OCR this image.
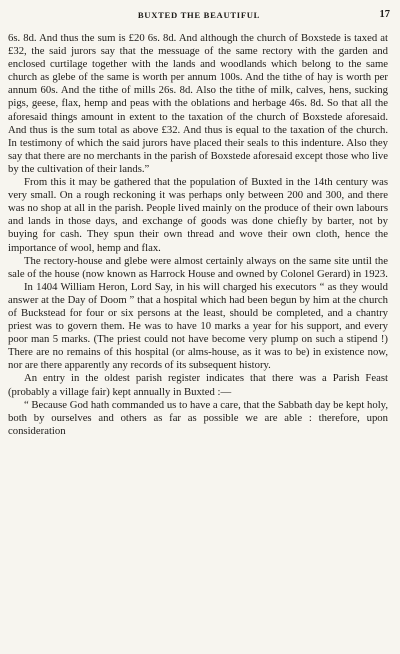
BUXTED THE BEAUTIFUL	17

6s. 8d. And thus the sum is £20 6s. 8d. And although the church of Boxstede is taxed at £32, the said jurors say that the messuage of the same rectory with the garden and enclosed curtilage together with the lands and woodlands which belong to the same church as glebe of the same is worth per annum 100s. And the tithe of hay is worth per annum 60s. And the tithe of mills 26s. 8d. Also the tithe of milk, calves, hens, sucking pigs, geese, flax, hemp and peas with the oblations and herbage 46s. 8d. So that all the aforesaid things amount in extent to the taxation of the church of Boxstede aforesaid. And thus is the sum total as above £32. And thus is equal to the taxation of the church. In testimony of which the said jurors have placed their seals to this indenture. Also they say that there are no merchants in the parish of Boxstede aforesaid except those who live by the cultivation of their lands.”

From this it may be gathered that the population of Buxted in the 14th century was very small. On a rough reckoning it was perhaps only between 200 and 300, and there was no shop at all in the parish. People lived mainly on the produce of their own labours and lands in those days, and exchange of goods was done chiefly by barter, not by buying for cash. They spun their own thread and wove their own cloth, hence the importance of wool, hemp and flax.

The rectory-house and glebe were almost certainly always on the same site until the sale of the house (now known as Harrock House and owned by Colonel Gerard) in 1923.

In 1404 William Heron, Lord Say, in his will charged his executors “ as they would answer at the Day of Doom ” that a hospital which had been begun by him at the church of Buckstead for four or six persons at the least, should be completed, and a chantry priest was to govern them. He was to have 10 marks a year for his support, and every poor man 5 marks. (The priest could not have become very plump on such a stipend !) There are no remains of this hospital (or alms-house, as it was to be) in existence now, nor are there apparently any records of its subsequent history.

An entry in the oldest parish register indicates that there was a Parish Feast (probably a village fair) kept annually in Buxted :—

“ Because God hath commanded us to have a care, that the Sabbath day be kept holy, both by ourselves and others as far as possible we are able : therefore, upon consideration
